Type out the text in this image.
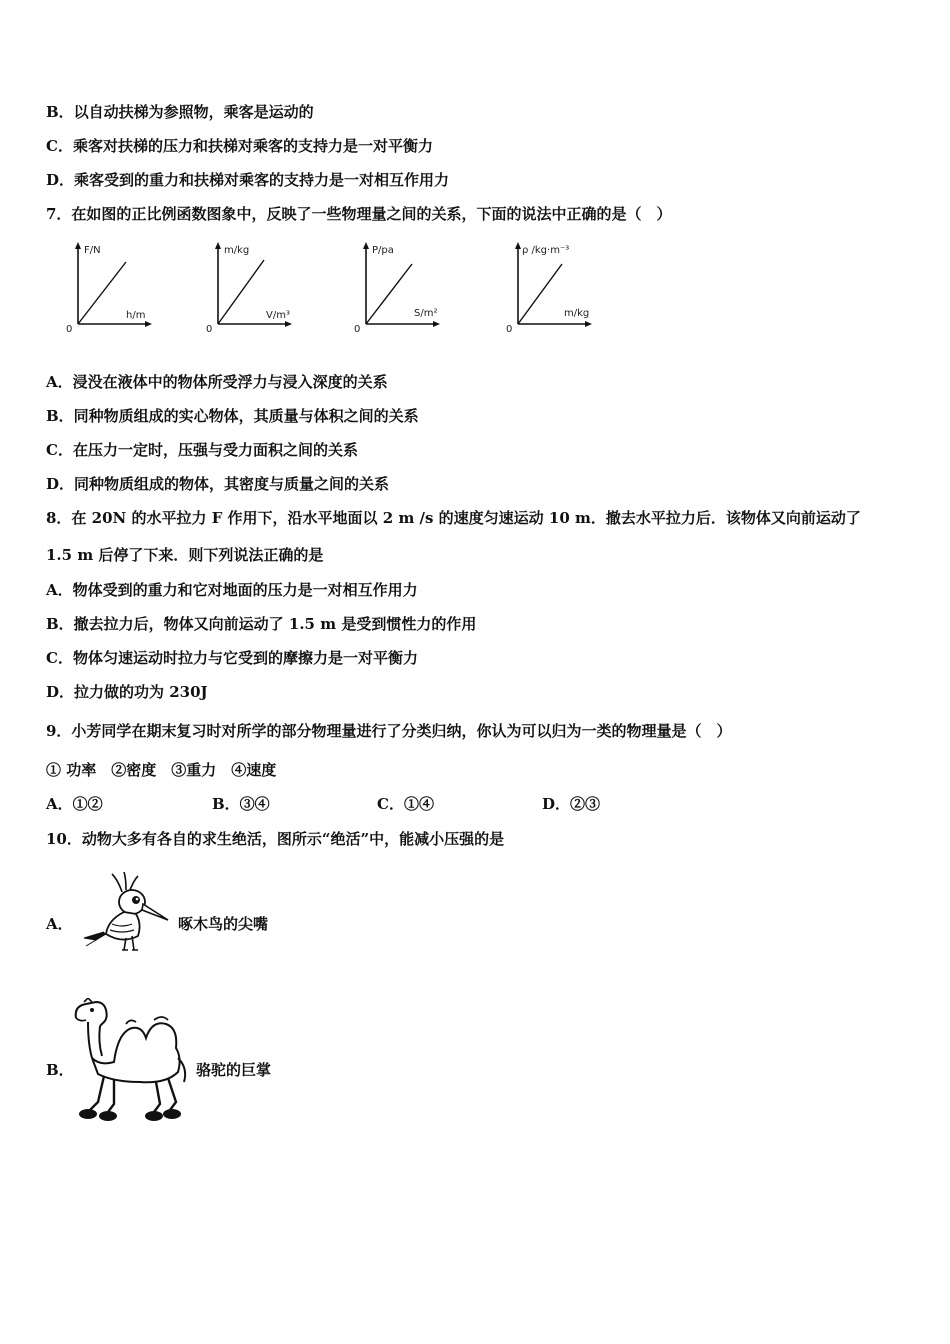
B．以自动扶梯为参照物，乘客是运动的
C．乘客对扶梯的压力和扶梯对乘客的支持力是一对平衡力
D．乘客受到的重力和扶梯对乘客的支持力是一对相互作用力
7．在如图的正比例函数图象中，反映了一些物理量之间的关系，下面的说法中正确的是（　）
F/N
h/m
0
m/kg
V/m³
0
P/pa
S/m²
0
ρ /kg·m⁻³
m/kg
0
A．浸没在液体中的物体所受浮力与浸入深度的关系
B．同种物质组成的实心物体，其质量与体积之间的关系
C．在压力一定时，压强与受力面积之间的关系
D．同种物质组成的物体，其密度与质量之间的关系
8．在 20N 的水平拉力 F 作用下，沿水平地面以 2 m /s 的速度匀速运动 10 m．撤去水平拉力后．该物体又向前运动了
1.5 m 后停了下来．则下列说法正确的是
A．物体受到的重力和它对地面的压力是一对相互作用力
B．撤去拉力后，物体又向前运动了 1.5 m 是受到惯性力的作用
C．物体匀速运动时拉力与它受到的摩擦力是一对平衡力
D．拉力做的功为 230J
9．小芳同学在期末复习时对所学的部分物理量进行了分类归纳，你认为可以归为一类的物理量是（　）
① 功率　②密度　③重力　④速度
A．①②	B．③④	C．①④	D．②③
10．动物大多有各自的求生绝活，图所示“绝活”中，能减小压强的是
A．	啄木鸟的尖嘴
B．	骆驼的巨掌
